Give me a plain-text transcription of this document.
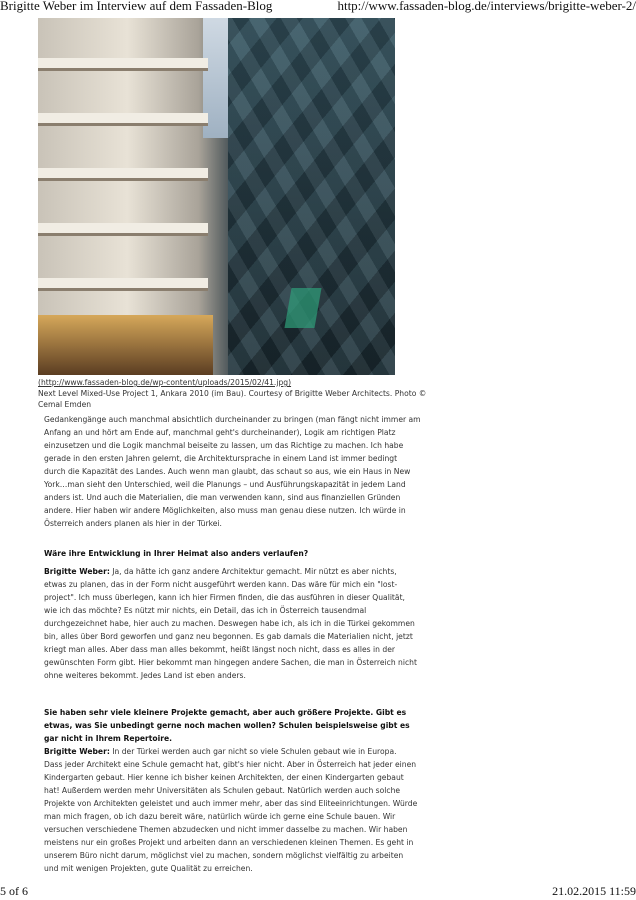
Brigitte Weber im Interview auf dem Fassaden-Blog	http://www.fassaden-blog.de/interviews/brigitte-weber-2/
(http://www.fassaden-blog.de/wp-content/uploads/2015/02/41.jpg)
Next Level Mixed-Use Project 1, Ankara 2010 (im Bau). Courtesy of Brigitte Weber Architects. Photo ©
Cemal Emden
Gedankengänge auch manchmal absichtlich durcheinander zu bringen (man fängt nicht immer am
Anfang an und hört am Ende auf, manchmal geht's durcheinander), Logik am richtigen Platz
einzusetzen und die Logik manchmal beiseite zu lassen, um das Richtige zu machen. Ich habe
gerade in den ersten Jahren gelernt, die Architektursprache in einem Land ist immer bedingt
durch die Kapazität des Landes. Auch wenn man glaubt, das schaut so aus, wie ein Haus in New
York…man sieht den Unterschied, weil die Planungs – und Ausführungskapazität in jedem Land
anders ist. Und auch die Materialien, die man verwenden kann, sind aus finanziellen Gründen
andere. Hier haben wir andere Möglichkeiten, also muss man genau diese nutzen. Ich würde in
Österreich anders planen als hier in der Türkei.
Wäre ihre Entwicklung in Ihrer Heimat also anders verlaufen?
Brigitte Weber: Ja, da hätte ich ganz andere Architektur gemacht. Mir nützt es aber nichts,
etwas zu planen, das in der Form nicht ausgeführt werden kann. Das wäre für mich ein "lost-
project". Ich muss überlegen, kann ich hier Firmen finden, die das ausführen in dieser Qualität,
wie ich das möchte? Es nützt mir nichts, ein Detail, das ich in Österreich tausendmal
durchgezeichnet habe, hier auch zu machen. Deswegen habe ich, als ich in die Türkei gekommen
bin, alles über Bord geworfen und ganz neu begonnen. Es gab damals die Materialien nicht, jetzt
kriegt man alles. Aber dass man alles bekommt, heißt längst noch nicht, dass es alles in der
gewünschten Form gibt. Hier bekommt man hingegen andere Sachen, die man in Österreich nicht
ohne weiteres bekommt. Jedes Land ist eben anders.
Sie haben sehr viele kleinere Projekte gemacht, aber auch größere Projekte. Gibt es
etwas, was Sie unbedingt gerne noch machen wollen? Schulen beispielsweise gibt es
gar nicht in Ihrem Repertoire.
Brigitte Weber: In der Türkei werden auch gar nicht so viele Schulen gebaut wie in Europa.
Dass jeder Architekt eine Schule gemacht hat, gibt's hier nicht. Aber in Österreich hat jeder einen
Kindergarten gebaut. Hier kenne ich bisher keinen Architekten, der einen Kindergarten gebaut
hat! Außerdem werden mehr Universitäten als Schulen gebaut. Natürlich werden auch solche
Projekte von Architekten geleistet und auch immer mehr, aber das sind Eliteeinrichtungen. Würde
man mich fragen, ob ich dazu bereit wäre, natürlich würde ich gerne eine Schule bauen. Wir
versuchen verschiedene Themen abzudecken und nicht immer dasselbe zu machen. Wir haben
meistens nur ein großes Projekt und arbeiten dann an verschiedenen kleinen Themen. Es geht in
unserem Büro nicht darum, möglichst viel zu machen, sondern möglichst vielfältig zu arbeiten
und mit wenigen Projekten, gute Qualität zu erreichen.
5 of 6	21.02.2015 11:59
